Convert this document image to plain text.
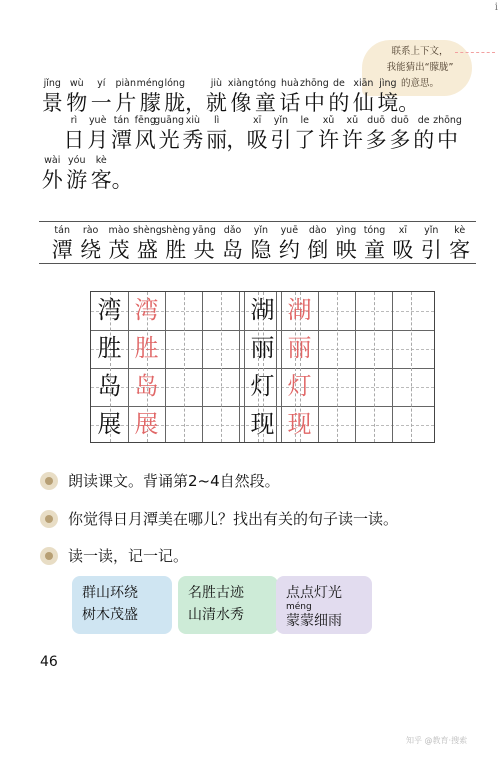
i
联系上下文，
我能猜出“朦胧”
的意思。
jǐng
景
wù
物
yí
一
piàn
片
méng
朦
lóng
胧 ，
jiù
就
xiàng
像
tóng
童
huà
话
zhōng
中
de
的
xiān
仙
jìng
境 。
rì
日
yuè
月
tán
潭
fēng
风
guāng
光
xiù
秀
lì
丽 ，
xī
吸
yǐn
引
le
了
xǔ
许
xǔ
许
duō
多
duō
多
de
的
zhōng
中
wài
外
yóu
游
kè
客 。
tán
潭
rào
绕
mào
茂
shèng
盛
shèng
胜
yāng
央
dǎo
岛
yǐn
隐
yuē
约
dào
倒
yìng
映
tóng
童
xī
吸
yǐn
引
kè
客
湾 湾
胜 胜
岛 岛
展 展
湖 湖
丽 丽
灯 灯
现 现
朗读课文。背诵第2~4自然段。
你觉得日月潭美在哪儿？找出有关的句子读一读。
读一读，记一记。
群山环绕
树木茂盛
名胜古迹
山清水秀
点点灯光
méng
蒙蒙细雨
46
知乎 @教育·搜索
